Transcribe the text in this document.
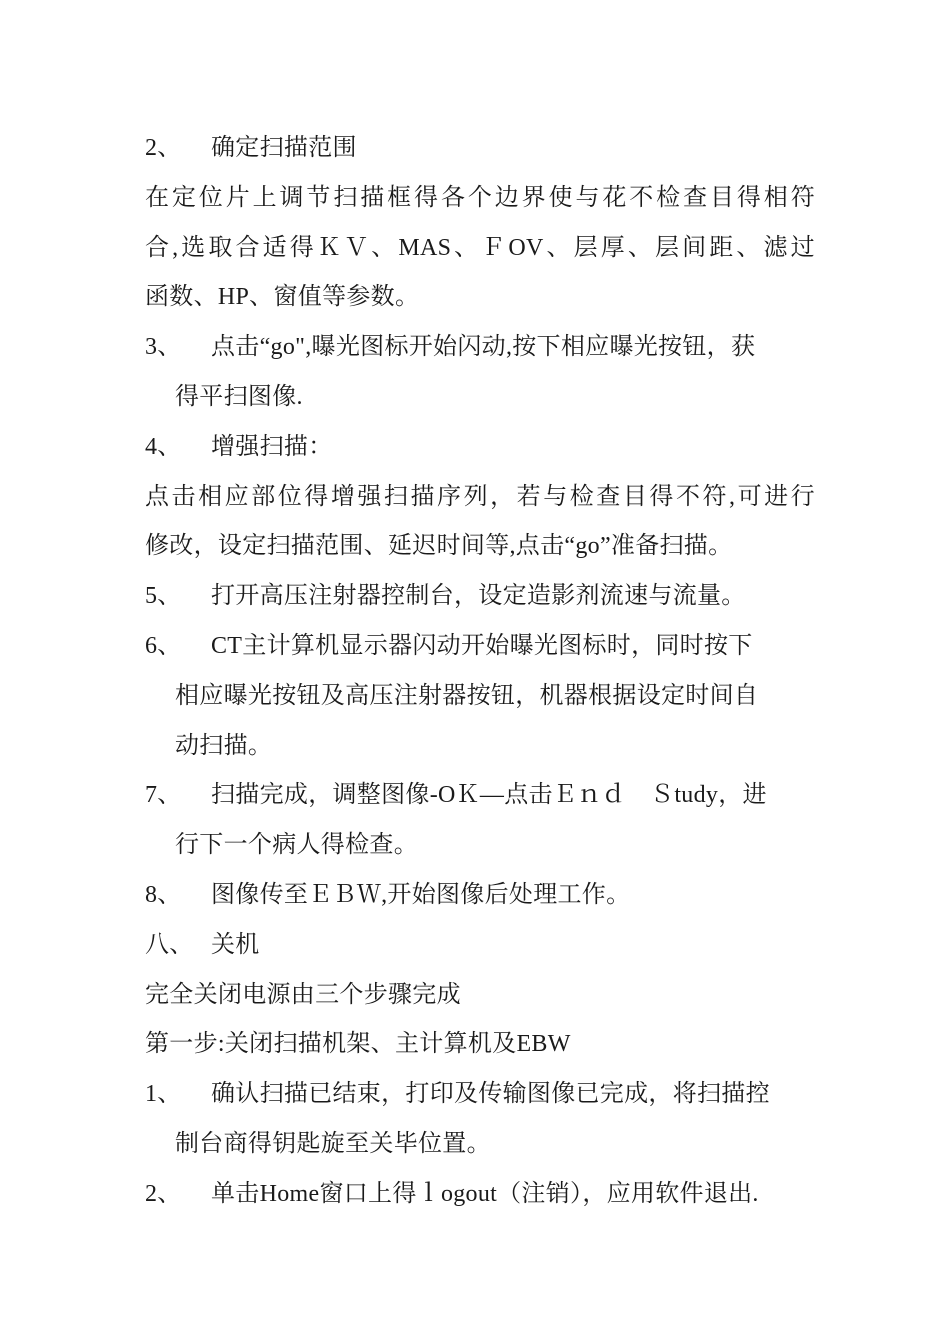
2、	确定扫描范围
在定位片上调节扫描框得各个边界使与花不检查目得相符
合,选取合适得ＫＶ、MAS、ＦOV、层厚、层间距、滤过
函数、HP、窗值等参数。
3、	点击“go",曝光图标开始闪动,按下相应曝光按钮，获
得平扫图像.
4、	增强扫描：
点击相应部位得增强扫描序列，若与检查目得不符,可进行
修改，设定扫描范围、延迟时间等,点击“go”准备扫描。
5、	打开高压注射器控制台，设定造影剂流速与流量。
6、	CT主计算机显示器闪动开始曝光图标时，同时按下
相应曝光按钮及高压注射器按钮，机器根据设定时间自
动扫描。
7、	扫描完成，调整图像-OＫ—点击Ｅｎｄ　Ｓtudy，进
行下一个病人得检查。
8、	图像传至ＥＢＷ,开始图像后处理工作。
八、 关机
完全关闭电源由三个步骤完成
第一步:关闭扫描机架、主计算机及EBW
1、	确认扫描已结束，打印及传输图像已完成，将扫描控
制台商得钥匙旋至关毕位置。
2、	单击Home窗口上得ｌogout（注销），应用软件退出.
